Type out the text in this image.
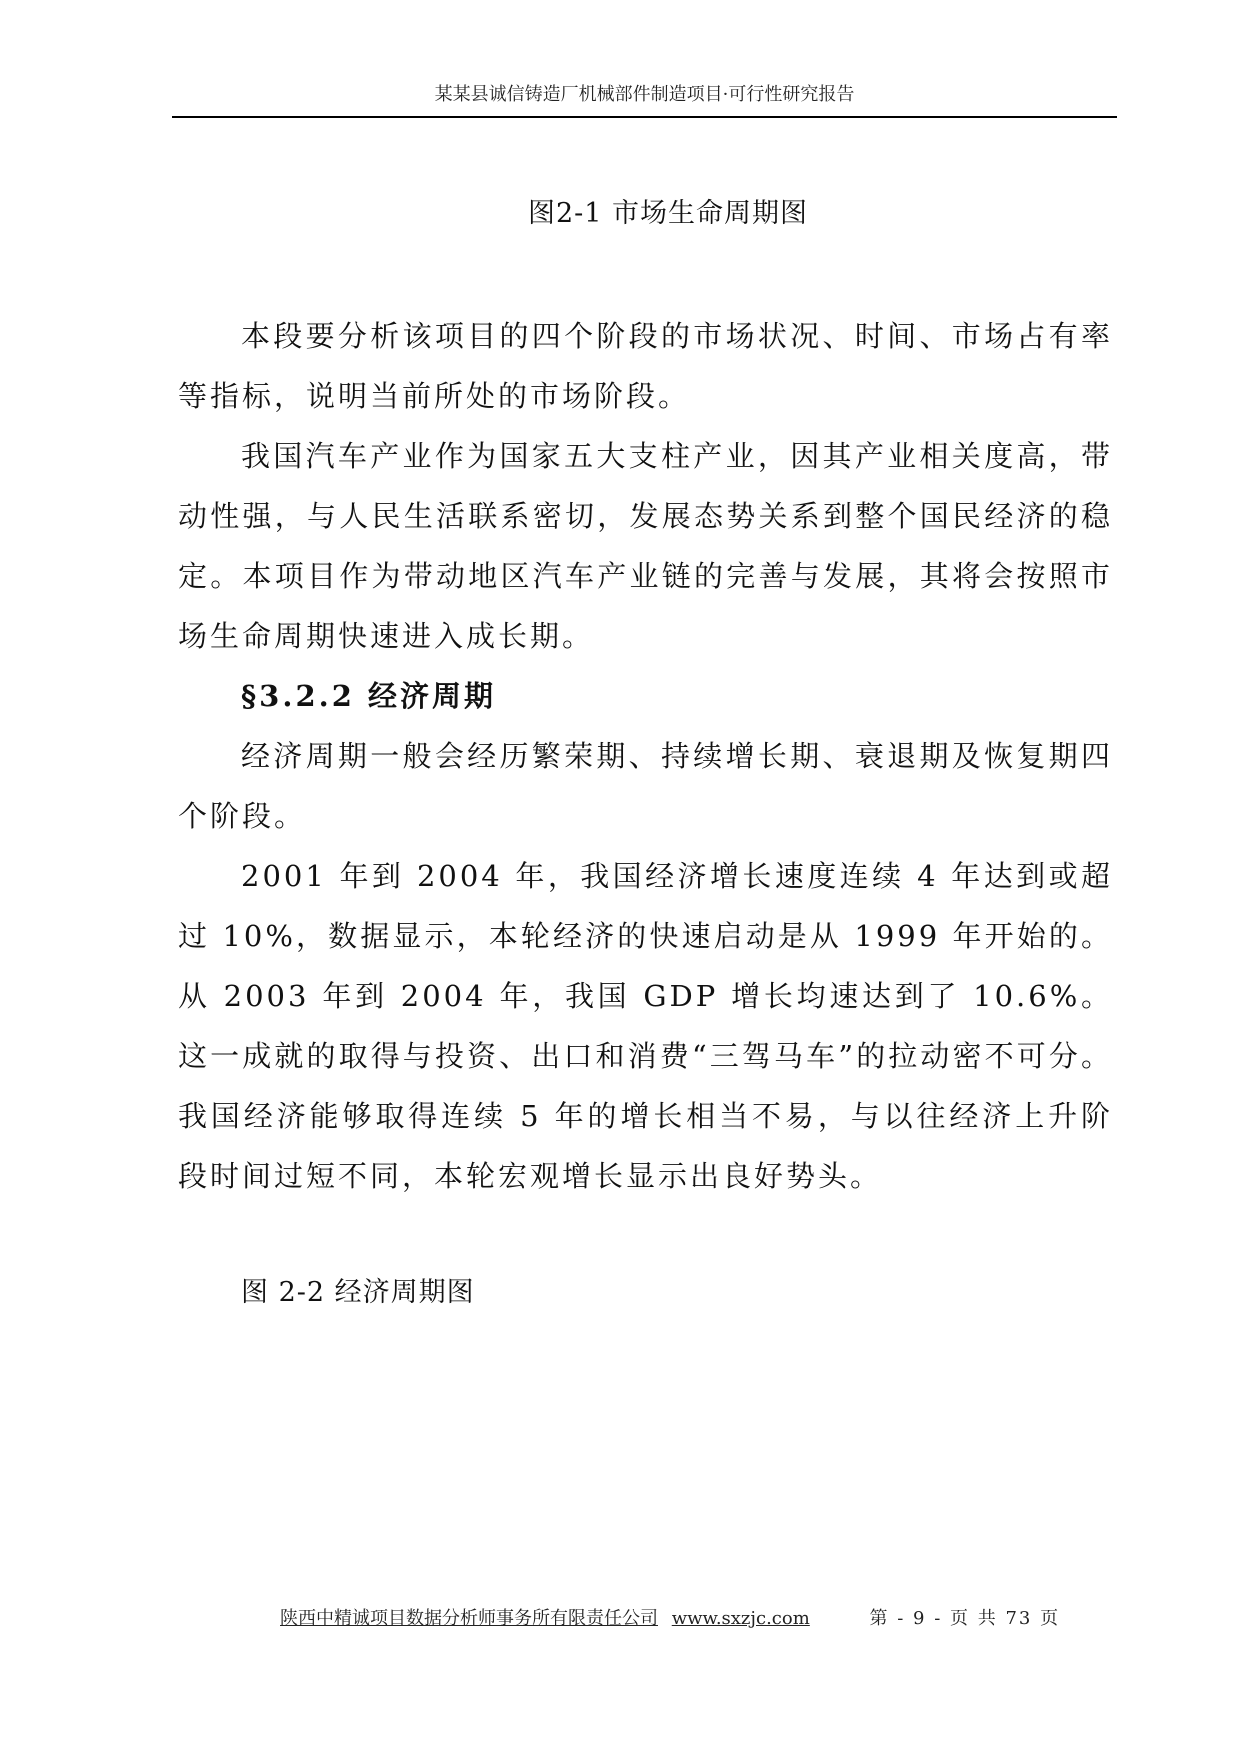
某某县诚信铸造厂机械部件制造项目·可行性研究报告
图2-1 市场生命周期图

本段要分析该项目的四个阶段的市场状况、时间、市场占有率等指标，说明当前所处的市场阶段。

我国汽车产业作为国家五大支柱产业，因其产业相关度高，带动性强，与人民生活联系密切，发展态势关系到整个国民经济的稳定。本项目作为带动地区汽车产业链的完善与发展，其将会按照市场生命周期快速进入成长期。

§3.2.2 经济周期

经济周期一般会经历繁荣期、持续增长期、衰退期及恢复期四个阶段。

2001 年到 2004 年，我国经济增长速度连续 4 年达到或超过 10%，数据显示，本轮经济的快速启动是从 1999 年开始的。从 2003 年到 2004 年，我国 GDP 增长均速达到了 10.6%。这一成就的取得与投资、出口和消费“三驾马车”的拉动密不可分。我国经济能够取得连续 5 年的增长相当不易，与以往经济上升阶段时间过短不同，本轮宏观增长显示出良好势头。

图 2-2 经济周期图
陕西中精诚项目数据分析师事务所有限责任公司 www.sxzjc.com	第 - 9 - 页 共 73 页
